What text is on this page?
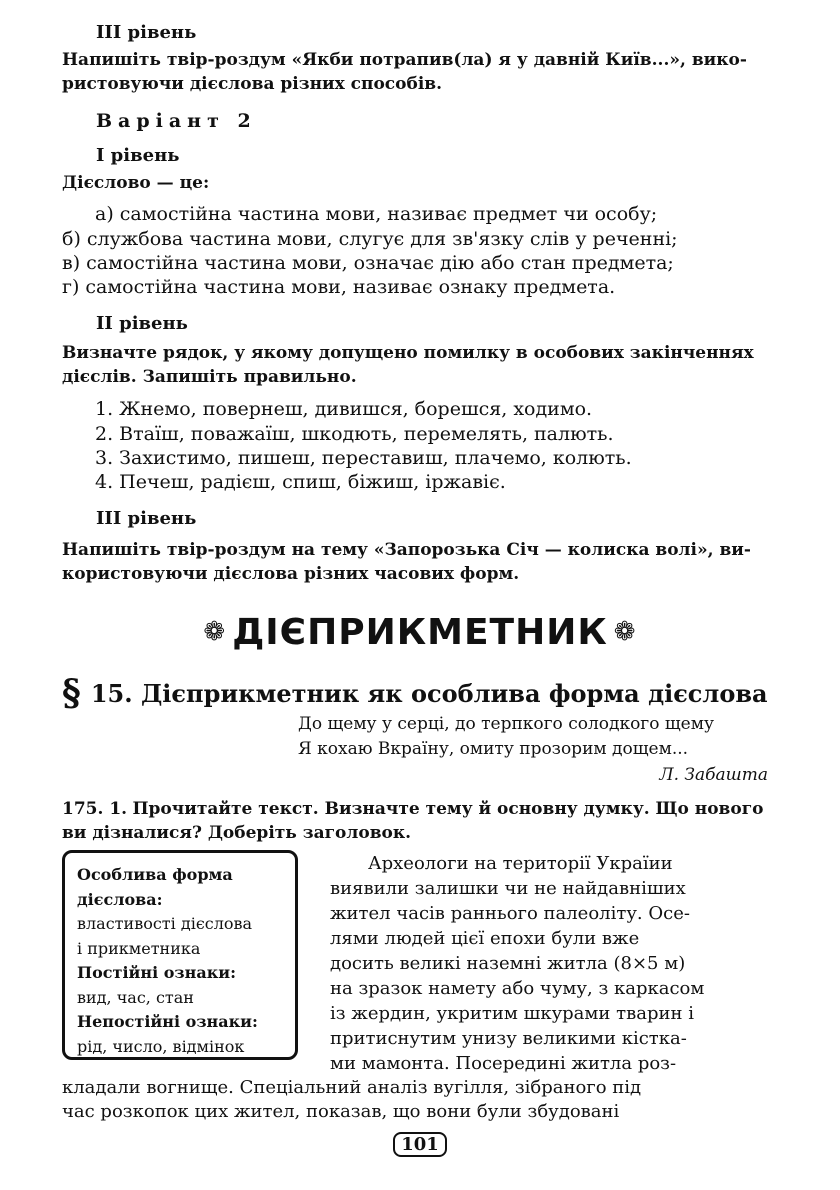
III рівень
Напишіть твір-роздум «Якби потрапив(ла) я у давній Київ...», вико-
ристовуючи дієслова різних способів.
Варіант 2
I рівень
Дієслово — це:
а) самостійна частина мови, називає предмет чи особу;
б) службова частина мови, слугує для зв'язку слів у реченні;
в) самостійна частина мови, означає дію або стан предмета;
г) самостійна частина мови, називає ознаку предмета.
II рівень
Визначте рядок, у якому допущено помилку в особових закінченнях
дієслів. Запишіть правильно.
1. Жнемо, повернеш, дивишся, борешся, ходимо.
2. Втаїш, поважаїш, шкодють, перемелять, палють.
3. Захистимо, пишеш, переставиш, плачемо, колють.
4. Печеш, радієш, спиш, біжиш, іржавіє.
III рівень
Напишіть твір-роздум на тему «Запорозька Січ — колиска волі», ви-
користовуючи дієслова різних часових форм.
❁ ДІЄПРИКМЕТНИК ❁
§ 15. Дієприкметник як особлива форма дієслова
До щему у серці, до терпкого солодкого щему
Я кохаю Вкраїну, омиту прозорим дощем...
Л. Забашта
175. 1. Прочитайте текст. Визначте тему й основну думку. Що нового
ви дізналися? Доберіть заголовок.
Особлива форма
дієслова:
властивості дієслова
і прикметника
Постійні ознаки:
вид, час, стан
Непостійні ознаки:
рід, число, відмінок
Археологи на території Україии
виявили залишки чи не найдавніших
жител часів раннього палеоліту. Осе-
лями людей цієї епохи були вже
досить великі наземні житла (8×5 м)
на зразок намету або чуму, з каркасом
із жердин, укритим шкурами тварин і
притиснутим унизу великими кістка-
ми мамонта. Посередині житла роз-
кладали вогнище. Спеціальний аналіз вугілля, зібраного під
час розкопок цих жител, показав, що вони були збудовані
101
